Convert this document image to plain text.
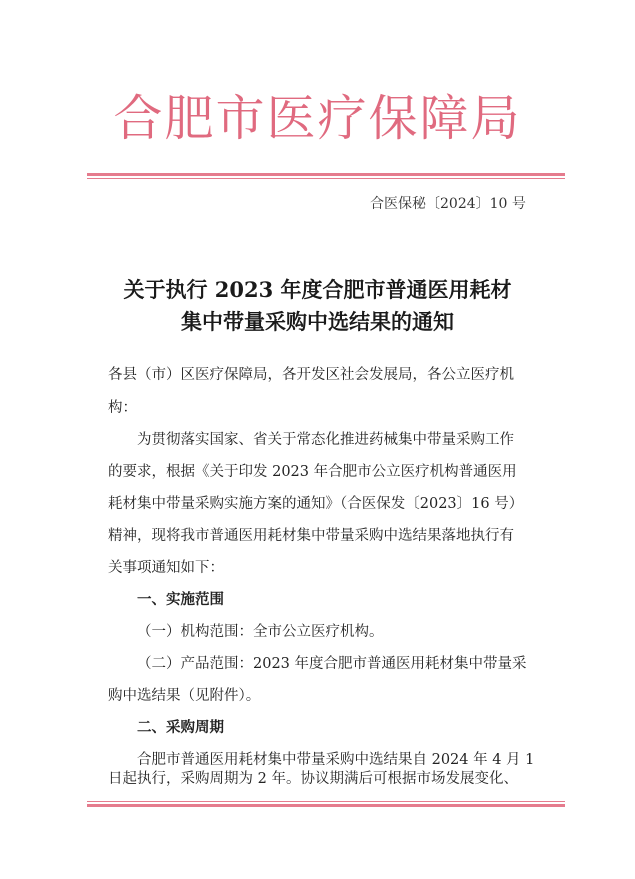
合肥市医疗保障局
合医保秘〔2024〕10 号
关于执行 2023 年度合肥市普通医用耗材
集中带量采购中选结果的通知
各县（市）区医疗保障局，各开发区社会发展局，各公立医疗机
构：
为贯彻落实国家、省关于常态化推进药械集中带量采购工作
的要求，根据《关于印发 2023 年合肥市公立医疗机构普通医用
耗材集中带量采购实施方案的通知》（合医保发〔2023〕16 号）
精神，现将我市普通医用耗材集中带量采购中选结果落地执行有
关事项通知如下：
一、实施范围
（一）机构范围：全市公立医疗机构。
（二）产品范围：2023 年度合肥市普通医用耗材集中带量采
购中选结果（见附件）。
二、采购周期
合肥市普通医用耗材集中带量采购中选结果自 2024 年 4 月 1
日起执行，采购周期为 2 年。协议期满后可根据市场发展变化、
